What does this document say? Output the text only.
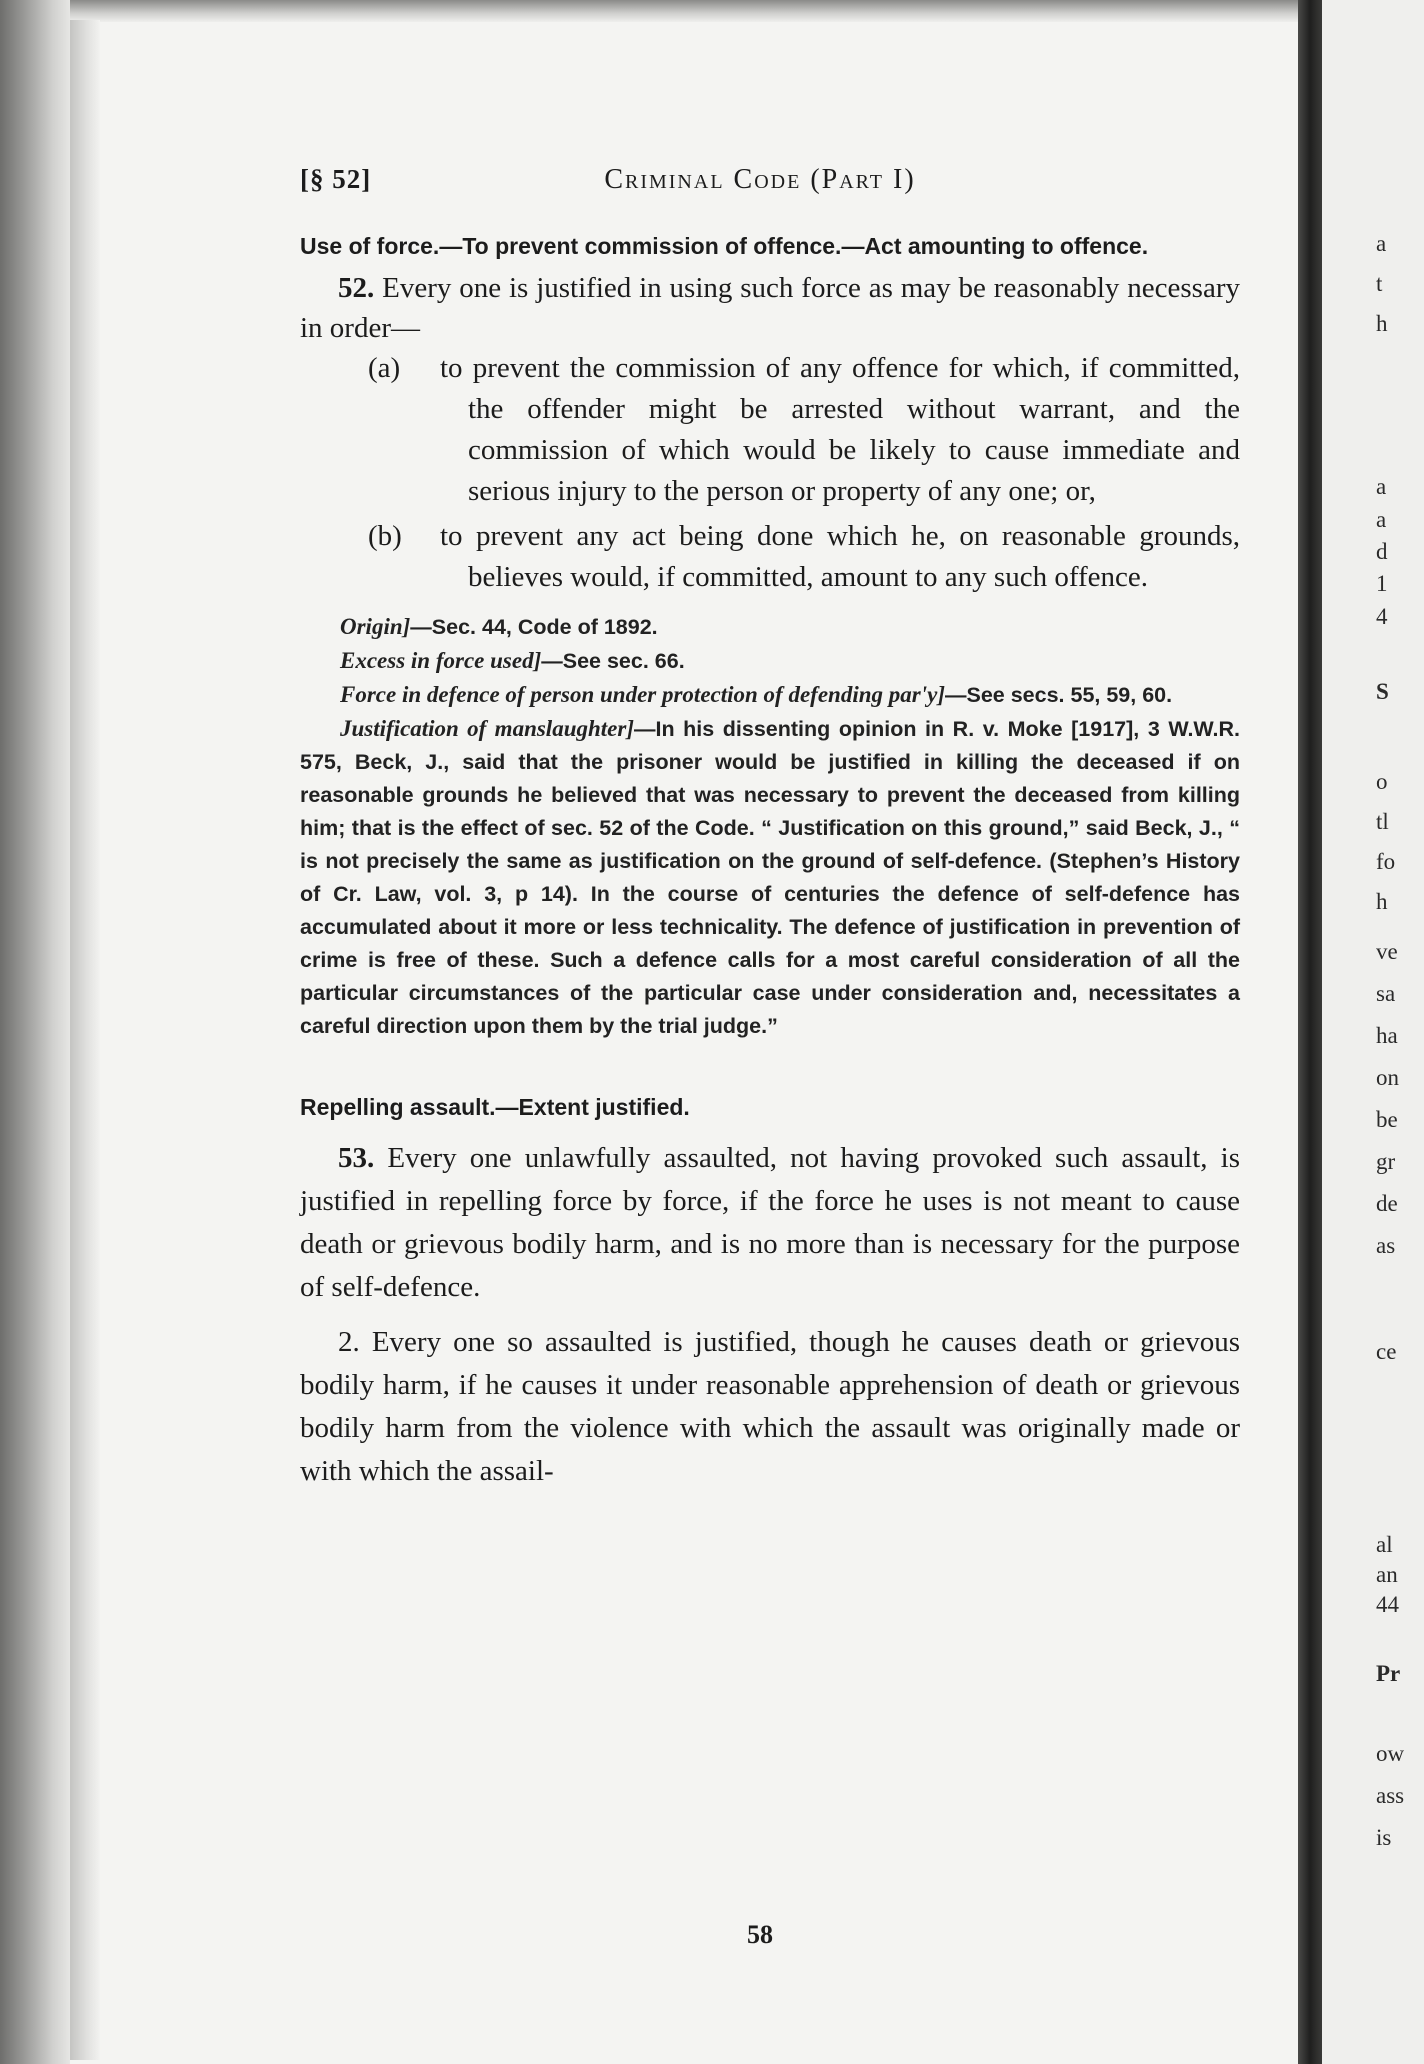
a
t
h
a
a
d
1
4
S
o
tl
fo
h
ve
sa
ha
on
be
gr
de
as
ce
al
an
44
Pr
ow
ass
is
[§ 52]	Criminal Code (Part I)

Use of force.—To prevent commission of offence.—Act amounting to offence.

52. Every one is justified in using such force as may be reasonably necessary in order—

(a) to prevent the commission of any offence for which, if committed, the offender might be arrested without warrant, and the commission of which would be likely to cause immediate and serious injury to the person or property of any one; or,

(b) to prevent any act being done which he, on reasonable grounds, believes would, if committed, amount to any such offence.

Origin]—Sec. 44, Code of 1892.

Excess in force used]—See sec. 66.

Force in defence of person under protection of defending par'y]—See secs. 55, 59, 60.

Justification of manslaughter]—In his dissenting opinion in R. v. Moke [1917], 3 W.W.R. 575, Beck, J., said that the prisoner would be justified in killing the deceased if on reasonable grounds he believed that was necessary to prevent the deceased from killing him; that is the effect of sec. 52 of the Code. “ Justification on this ground,” said Beck, J., “ is not precisely the same as justification on the ground of self-defence. (Stephen’s History of Cr. Law, vol. 3, p 14). In the course of centuries the defence of self-defence has accumulated about it more or less technicality. The defence of justification in prevention of crime is free of these. Such a defence calls for a most careful consideration of all the particular circumstances of the particular case under consideration and, necessitates a careful direction upon them by the trial judge.”

Repelling assault.—Extent justified.

53. Every one unlawfully assaulted, not having provoked such assault, is justified in repelling force by force, if the force he uses is not meant to cause death or grievous bodily harm, and is no more than is necessary for the purpose of self-defence.

2. Every one so assaulted is justified, though he causes death or grievous bodily harm, if he causes it under reasonable apprehension of death or grievous bodily harm from the violence with which the assault was originally made or with which the assail-

58
